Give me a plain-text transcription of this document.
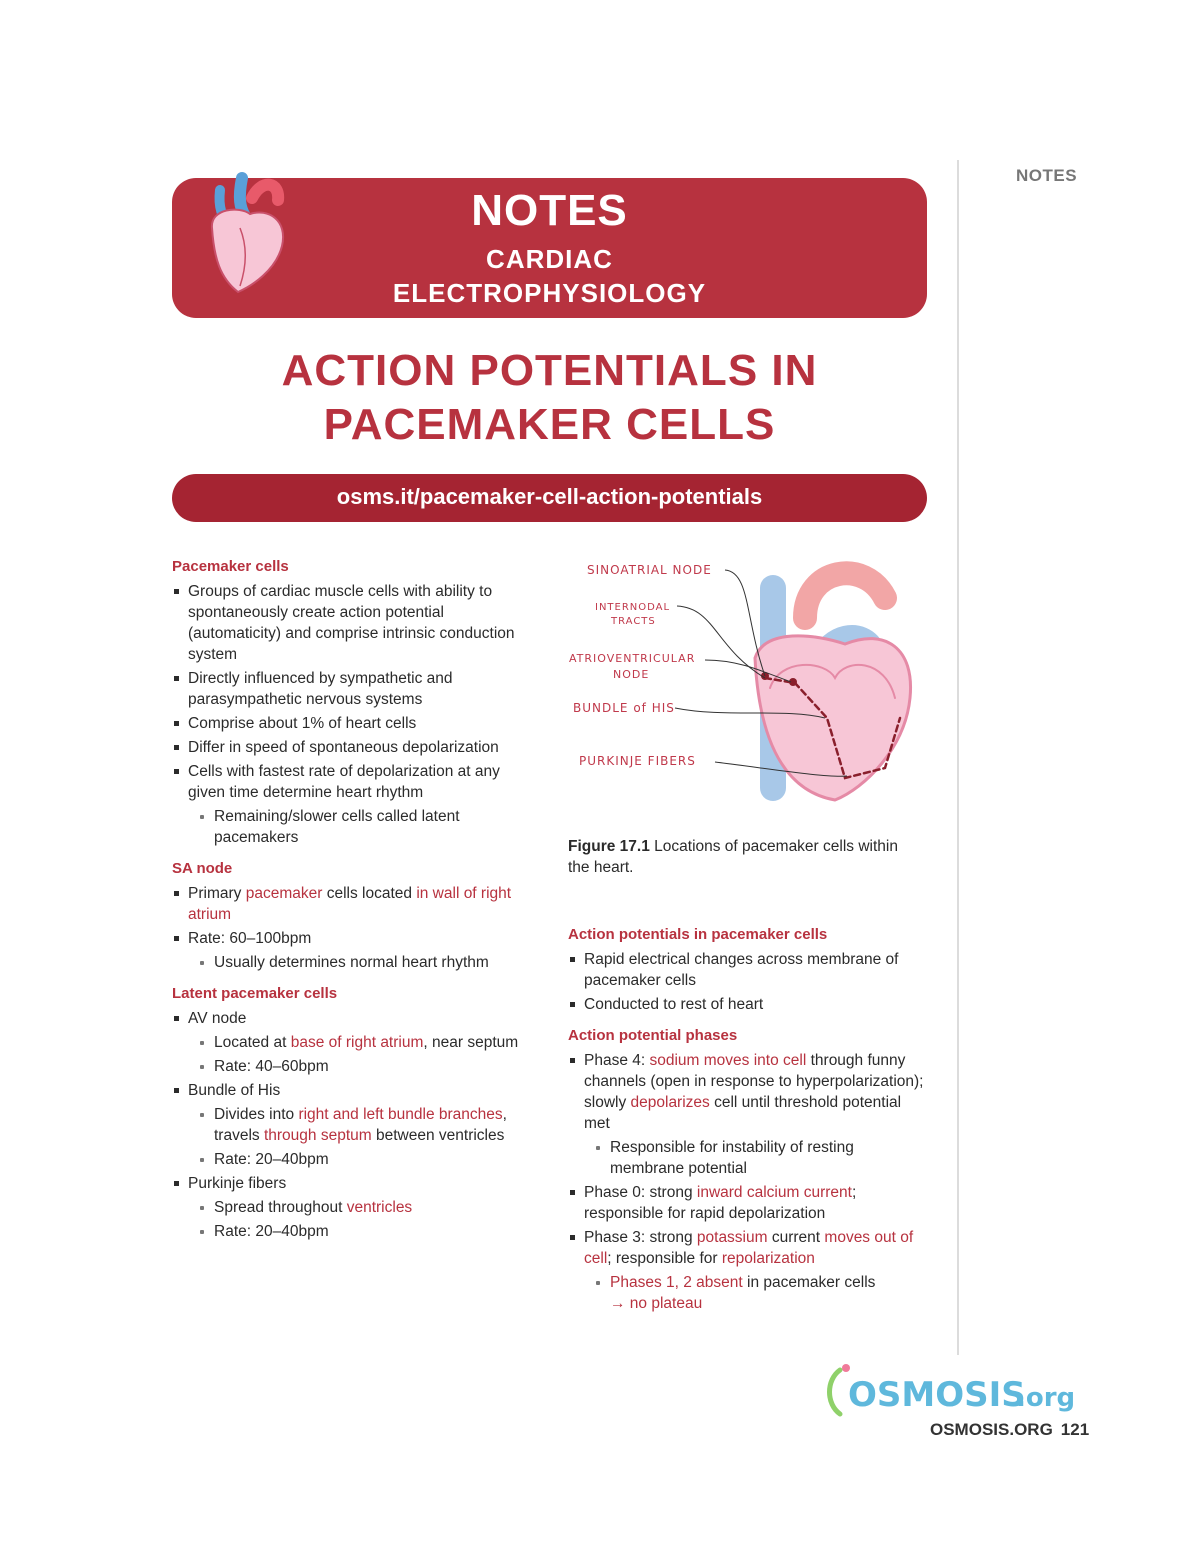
NOTES
NOTES
CARDIAC
ELECTROPHYSIOLOGY
ACTION POTENTIALS IN
PACEMAKER CELLS
osms.it/pacemaker-cell-action-potentials
Pacemaker cells
Groups of cardiac muscle cells with ability to spontaneously create action potential (automaticity) and comprise intrinsic conduction system
Directly influenced by sympathetic and parasympathetic nervous systems
Comprise about 1% of heart cells
Differ in speed of spontaneous depolarization
Cells with fastest rate of depolarization at any given time determine heart rhythm
Remaining/slower cells called latent pacemakers
SA node
Primary pacemaker cells located in wall of right atrium
Rate: 60–100bpm
Usually determines normal heart rhythm
Latent pacemaker cells
AV node
Located at base of right atrium, near septum
Rate: 40–60bpm
Bundle of His
Divides into right and left bundle branches, travels through septum between ventricles
Rate: 20–40bpm
Purkinje fibers
Spread throughout ventricles
Rate: 20–40bpm
SINOATRIAL NODE
INTERNODAL
TRACTS
ATRIOVENTRICULAR
NODE
BUNDLE of HIS
PURKINJE FIBERS
Figure 17.1 Locations of pacemaker cells within the heart.
Action potentials in pacemaker cells
Rapid electrical changes across membrane of pacemaker cells
Conducted to rest of heart
Action potential phases
Phase 4: sodium moves into cell through funny channels (open in response to hyperpolarization); slowly depolarizes cell until threshold potential met
Responsible for instability of resting membrane potential
Phase 0: strong inward calcium current; responsible for rapid depolarization
Phase 3: strong potassium current moves out of cell; responsible for repolarization
Phases 1, 2 absent in pacemaker cells
→ no plateau
OSMOSIS
.org
OSMOSIS.ORG 121
